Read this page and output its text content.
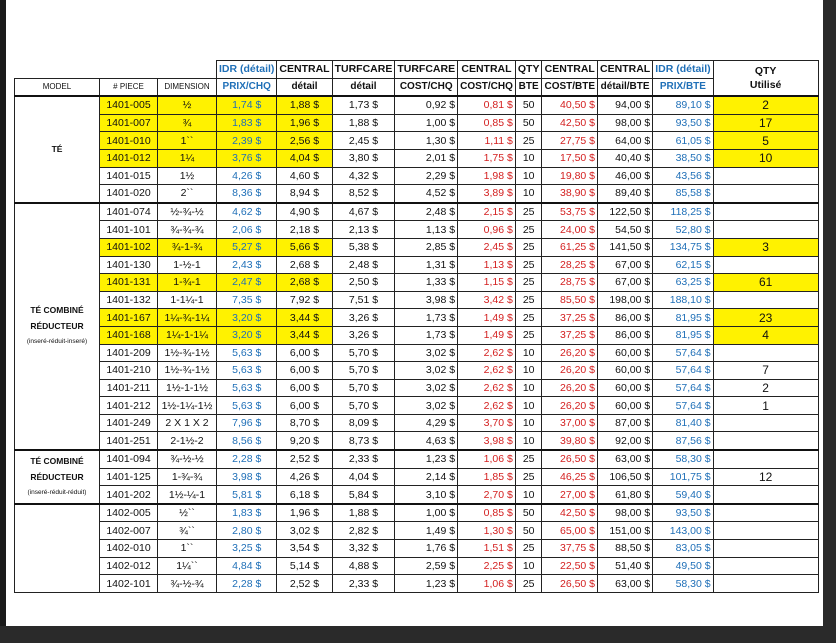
			IDR (détail)	CENTRAL	TURFCARE	TURFCARE	CENTRAL	QTY	CENTRAL	CENTRAL	IDR (détail)	QTY
Utilisé

MODEL	# PIECE	DIMENSION	PRIX/CHQ	détail	détail	COST/CHQ	COST/CHQ	BTE	COST/BTE	détail/BTE	PRIX/BTE	

TÉ	1401-005	½	1,74 $	1,88 $	1,73 $	0,92 $	0,81 $	50	40,50 $	94,00 $	89,10 $	2
	1401-007	¾	1,83 $	1,96 $	1,88 $	1,00 $	0,85 $	50	42,50 $	98,00 $	93,50 $	17
	1401-010	1``	2,39 $	2,56 $	2,45 $	1,30 $	1,11 $	25	27,75 $	64,00 $	61,05 $	5
	1401-012	1¼	3,76 $	4,04 $	3,80 $	2,01 $	1,75 $	10	17,50 $	40,40 $	38,50 $	10
	1401-015	1½	4,26 $	4,60 $	4,32 $	2,29 $	1,98 $	10	19,80 $	46,00 $	43,56 $	
	1401-020	2``	8,36 $	8,94 $	8,52 $	4,52 $	3,89 $	10	38,90 $	89,40 $	85,58 $	

TÉ COMBINÉ
RÉDUCTEUR
(inseré-réduit-inseré)	1401-074	½-¾-½	4,62 $	4,90 $	4,67 $	2,48 $	2,15 $	25	53,75 $	122,50 $	118,25 $	
	1401-101	¾-¾-¾	2,06 $	2,18 $	2,13 $	1,13 $	0,96 $	25	24,00 $	54,50 $	52,80 $	
	1401-102	¾-1-¾	5,27 $	5,66 $	5,38 $	2,85 $	2,45 $	25	61,25 $	141,50 $	134,75 $	3
	1401-130	1-½-1	2,43 $	2,68 $	2,48 $	1,31 $	1,13 $	25	28,25 $	67,00 $	62,15 $	
	1401-131	1-¾-1	2,47 $	2,68 $	2,50 $	1,33 $	1,15 $	25	28,75 $	67,00 $	63,25 $	61
	1401-132	1-1¼-1	7,35 $	7,92 $	7,51 $	3,98 $	3,42 $	25	85,50 $	198,00 $	188,10 $	
	1401-167	1¼-¾-1¼	3,20 $	3,44 $	3,26 $	1,73 $	1,49 $	25	37,25 $	86,00 $	81,95 $	23
	1401-168	1¼-1-1¼	3,20 $	3,44 $	3,26 $	1,73 $	1,49 $	25	37,25 $	86,00 $	81,95 $	4
	1401-209	1½-¾-1½	5,63 $	6,00 $	5,70 $	3,02 $	2,62 $	10	26,20 $	60,00 $	57,64 $	
	1401-210	1½-¾-1½	5,63 $	6,00 $	5,70 $	3,02 $	2,62 $	10	26,20 $	60,00 $	57,64 $	7
	1401-211	1½-1-1½	5,63 $	6,00 $	5,70 $	3,02 $	2,62 $	10	26,20 $	60,00 $	57,64 $	2
	1401-212	1½-1¼-1½	5,63 $	6,00 $	5,70 $	3,02 $	2,62 $	10	26,20 $	60,00 $	57,64 $	1
	1401-249	2 X 1 X 2	7,96 $	8,70 $	8,09 $	4,29 $	3,70 $	10	37,00 $	87,00 $	81,40 $	
	1401-251	2-1½-2	8,56 $	9,20 $	8,73 $	4,63 $	3,98 $	10	39,80 $	92,00 $	87,56 $	

TÉ COMBINÉ
RÉDUCTEUR
(inseré-réduit-réduit)	1401-094	¾-½-½	2,28 $	2,52 $	2,33 $	1,23 $	1,06 $	25	26,50 $	63,00 $	58,30 $	
	1401-125	1-¾-¾	3,98 $	4,26 $	4,04 $	2,14 $	1,85 $	25	46,25 $	106,50 $	101,75 $	12
	1401-202	1½-¼-1	5,81 $	6,18 $	5,84 $	3,10 $	2,70 $	10	27,00 $	61,80 $	59,40 $	
	1402-005	½``	1,83 $	1,96 $	1,88 $	1,00 $	0,85 $	50	42,50 $	98,00 $	93,50 $	
	1402-007	¾``	2,80 $	3,02 $	2,82 $	1,49 $	1,30 $	50	65,00 $	151,00 $	143,00 $	
	1402-010	1``	3,25 $	3,54 $	3,32 $	1,76 $	1,51 $	25	37,75 $	88,50 $	83,05 $	
	1402-012	1¼``	4,84 $	5,14 $	4,88 $	2,59 $	2,25 $	10	22,50 $	51,40 $	49,50 $	
	1402-101	¾-½-¾	2,28 $	2,52 $	2,33 $	1,23 $	1,06 $	25	26,50 $	63,00 $	58,30 $	
